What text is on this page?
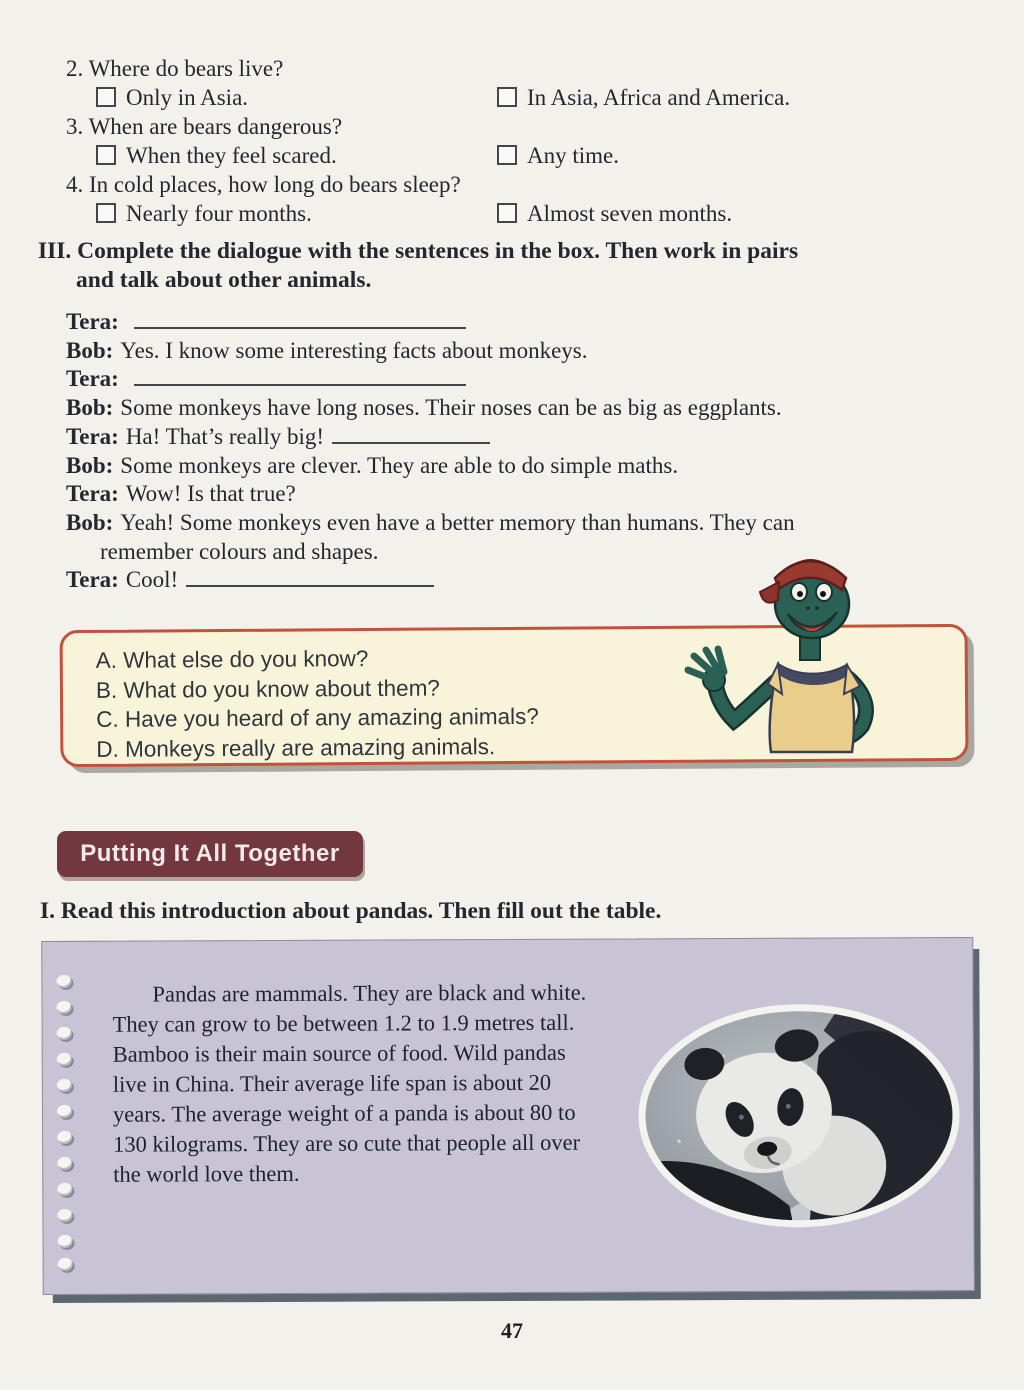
2. Where do bears live?

Only in Asia.	In Asia, Africa and America.

3. When are bears dangerous?

When they feel scared.	Any time.

4. In cold places, how long do bears sleep?

Nearly four months.	Almost seven months.

III. Complete the dialogue with the sentences in the box. Then work in pairs

and talk about other animals.

Tera:

Bob: Yes. I know some interesting facts about monkeys.

Tera:

Bob: Some monkeys have long noses. Their noses can be as big as eggplants.

Tera: Ha! That’s really big!

Bob: Some monkeys are clever. They are able to do simple maths.

Tera: Wow! Is that true?

Bob: Yeah! Some monkeys even have a better memory than humans. They can

remember colours and shapes.

Tera: Cool!

A. What else do you know?

B. What do you know about them?

C. Have you heard of any amazing animals?

D. Monkeys really are amazing animals.

Putting It All Together

I. Read this introduction about pandas. Then fill out the table.

Pandas are mammals. They are black and white. They can grow to be between 1.2 to 1.9 metres tall. Bamboo is their main source of food. Wild pandas live in China. Their average life span is about 20 years. The average weight of a panda is about 80 to 130 kilograms. They are so cute that people all over the world love them.
47
